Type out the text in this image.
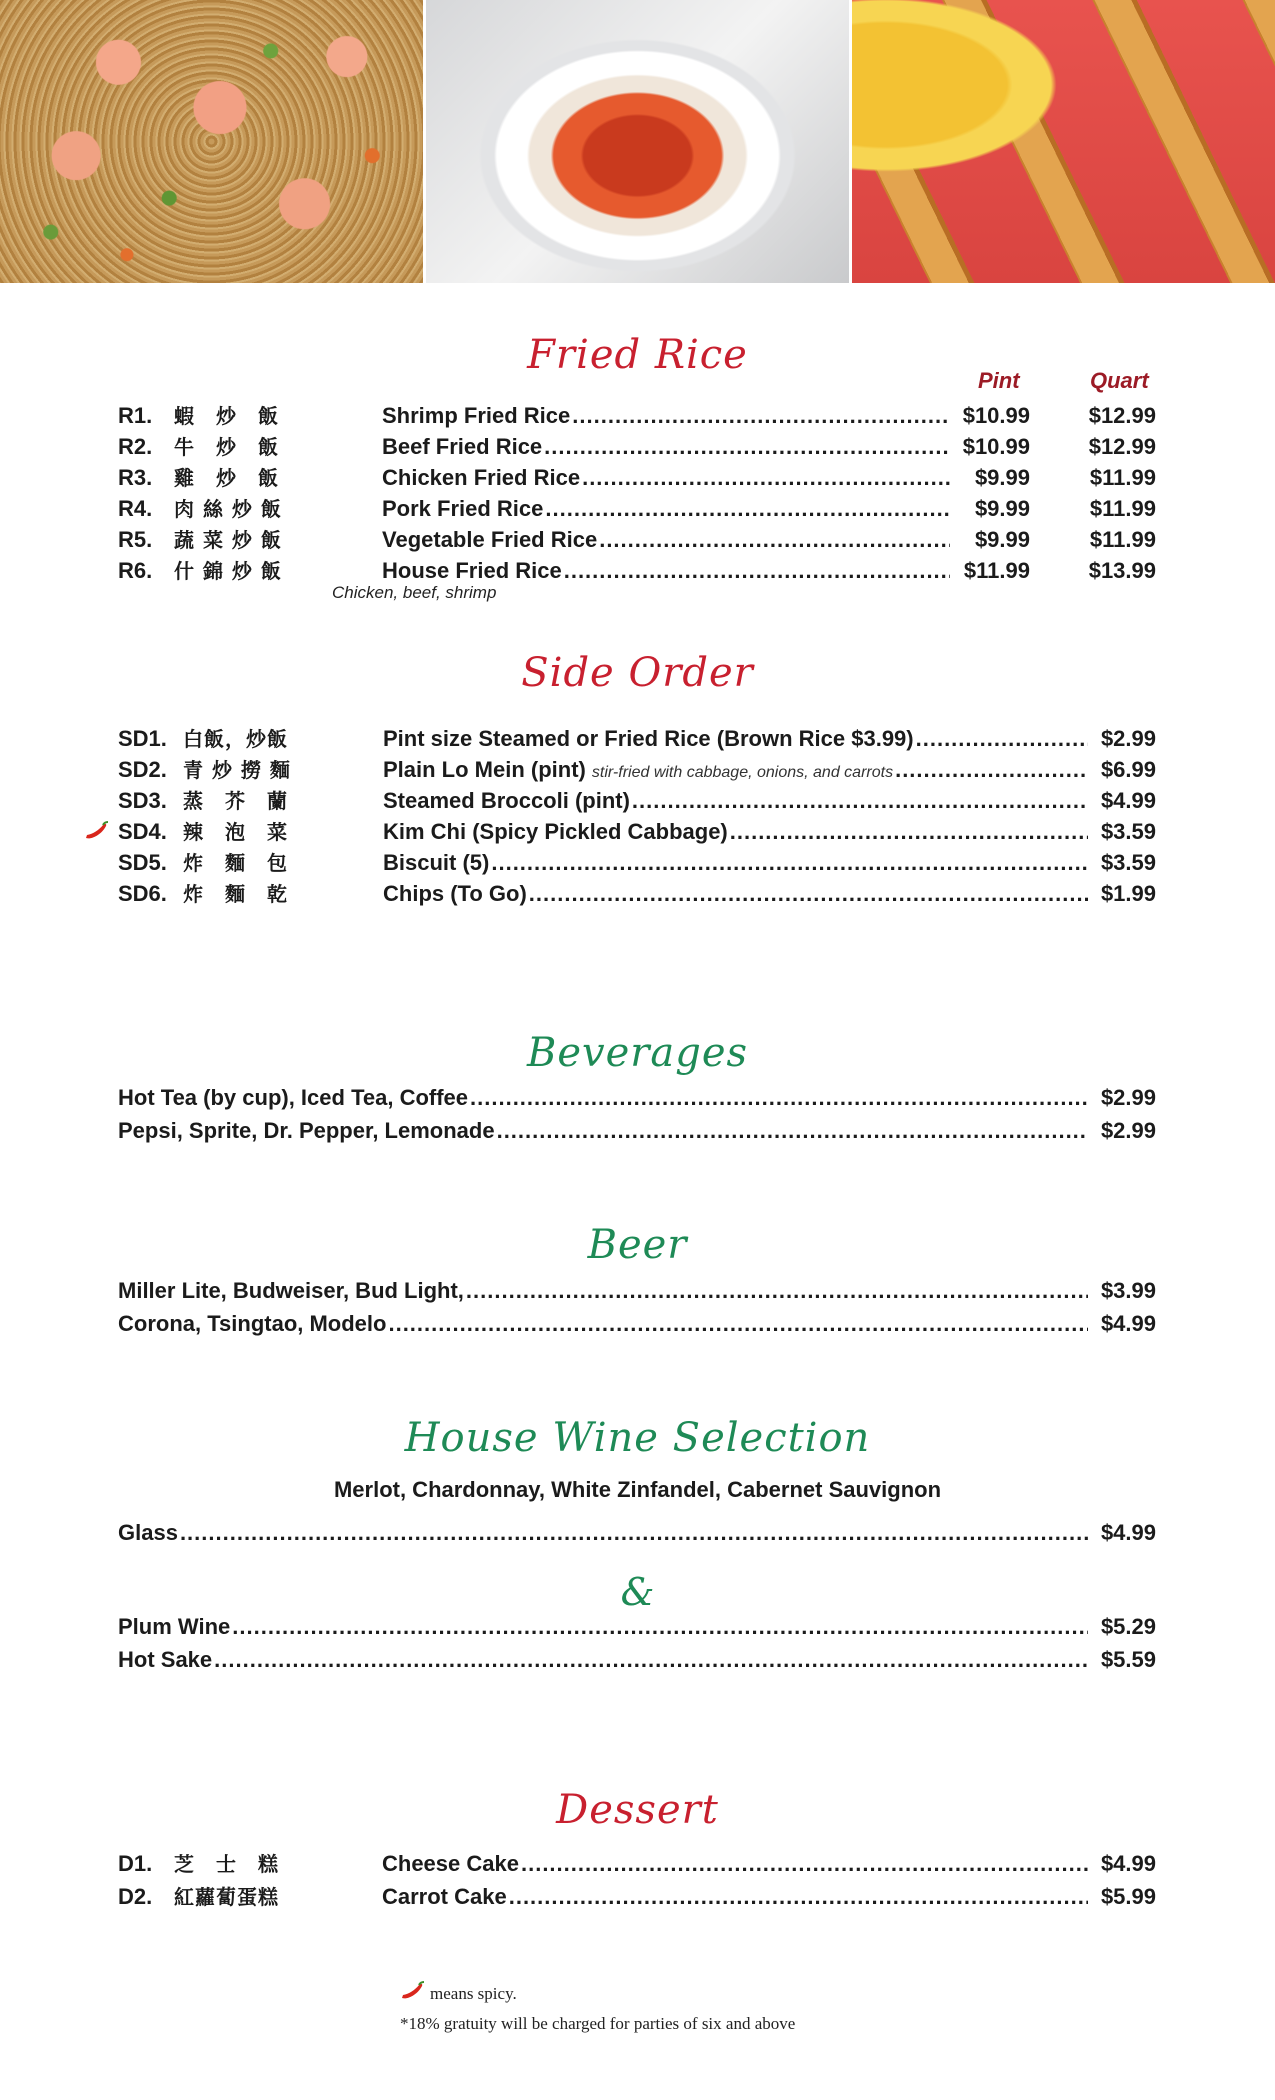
Fried Rice
Pint	Quart
R1.	蝦　炒　飯	Shrimp Fried Rice .....	$10.99	$12.99
R2.	牛　炒　飯	Beef Fried Rice .....	$10.99	$12.99
R3.	雞　炒　飯	Chicken Fried Rice .....	$9.99	$11.99
R4.	肉 絲 炒 飯	Pork Fried Rice .....	$9.99	$11.99
R5.	蔬 菜 炒 飯	Vegetable Fried Rice .....	$9.99	$11.99
R6.	什 錦 炒 飯	House Fried Rice .....	$11.99	$13.99
Chicken, beef, shrimp
Side Order
SD1. 白飯，炒飯	Pint size Steamed or Fried Rice (Brown Rice $3.99) .....	$2.99
SD2. 青 炒 撈 麵	Plain Lo Mein (pint) stir-fried with cabbage, onions, and carrots .....	$6.99
SD3. 蒸　芥　蘭	Steamed Broccoli (pint) .....	$4.99
SD4. 辣　泡　菜	Kim Chi (Spicy Pickled Cabbage) .....	$3.59
SD5. 炸　麵　包	Biscuit (5) .....	$3.59
SD6. 炸　麵　乾	Chips (To Go) .....	$1.99
Beverages
Hot Tea (by cup), Iced Tea, Coffee .....	$2.99
Pepsi, Sprite, Dr. Pepper, Lemonade .....	$2.99
Beer
Miller Lite, Budweiser, Bud Light, .....	$3.99
Corona, Tsingtao, Modelo .....	$4.99
House Wine Selection
Merlot, Chardonnay, White Zinfandel, Cabernet Sauvignon
Glass .....	$4.99
&
Plum Wine .....	$5.29
Hot Sake .....	$5.59
Dessert
D1.	芝　士　糕	Cheese Cake .....	$4.99
D2.	紅蘿蔔蛋糕	Carrot Cake .....	$5.99
means spicy.
*18% gratuity will be charged for parties of six and above
